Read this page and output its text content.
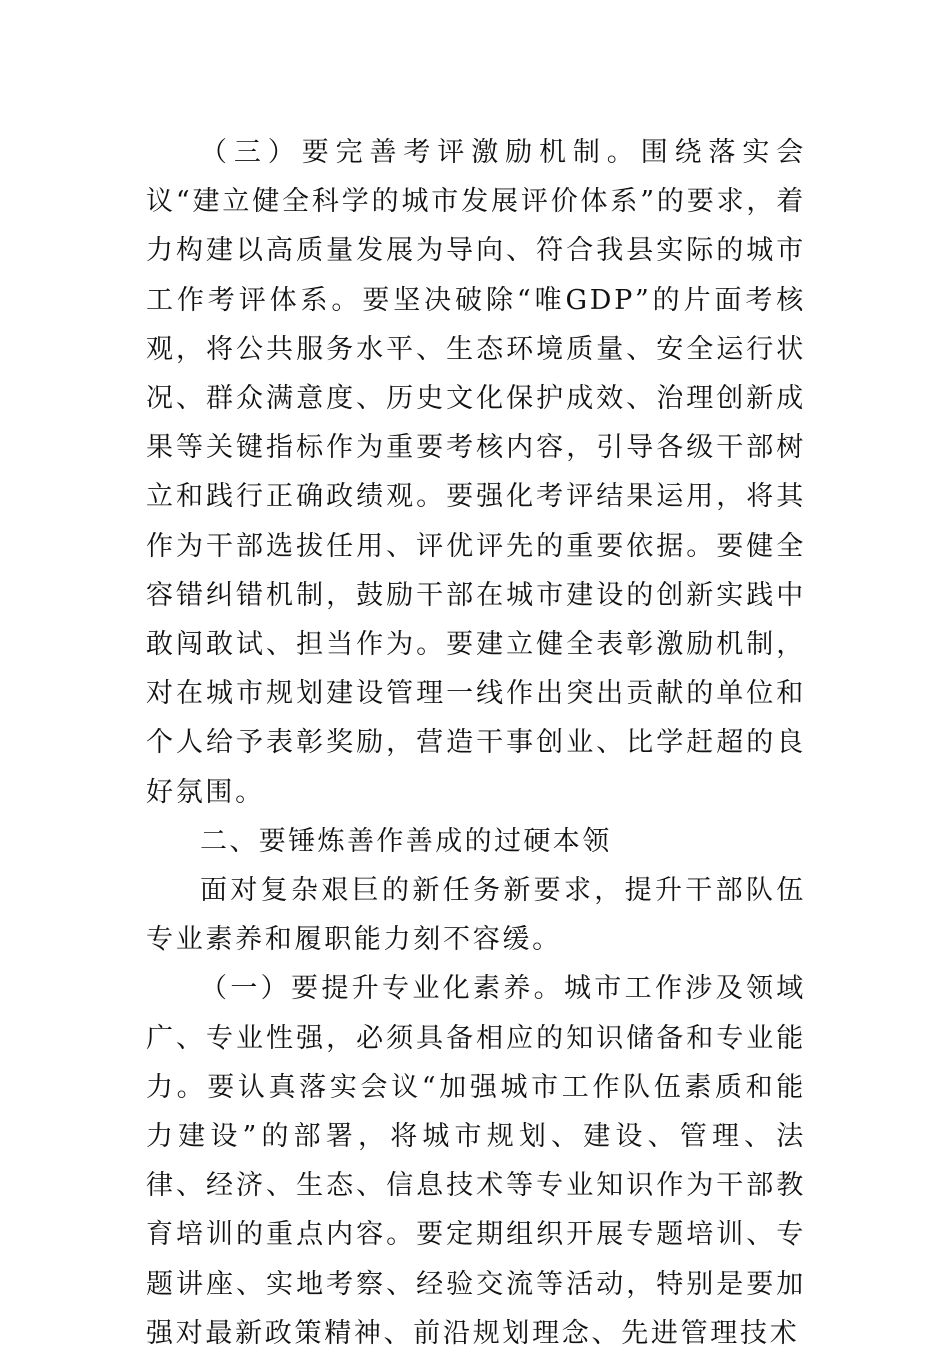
（三）要完善考评激励机制。围绕落实会议“建立健全科学的城市发展评价体系”的要求，着力构建以高质量发展为导向、符合我县实际的城市工作考评体系。要坚决破除“唯GDP”的片面考核观，将公共服务水平、生态环境质量、安全运行状况、群众满意度、历史文化保护成效、治理创新成果等关键指标作为重要考核内容，引导各级干部树立和践行正确政绩观。要强化考评结果运用，将其作为干部选拔任用、评优评先的重要依据。要健全容错纠错机制，鼓励干部在城市建设的创新实践中敢闯敢试、担当作为。要建立健全表彰激励机制，对在城市规划建设管理一线作出突出贡献的单位和个人给予表彰奖励，营造干事创业、比学赶超的良好氛围。

二、要锤炼善作善成的过硬本领

面对复杂艰巨的新任务新要求，提升干部队伍专业素养和履职能力刻不容缓。

（一）要提升专业化素养。城市工作涉及领域广、专业性强，必须具备相应的知识储备和专业能力。要认真落实会议“加强城市工作队伍素质和能力建设”的部署，将城市规划、建设、管理、法律、经济、生态、信息技术等专业知识作为干部教育培训的重点内容。要定期组织开展专题培训、专题讲座、实地考察、经验交流等活动，特别是要加强对最新政策精神、前沿规划理念、先进管理技术
